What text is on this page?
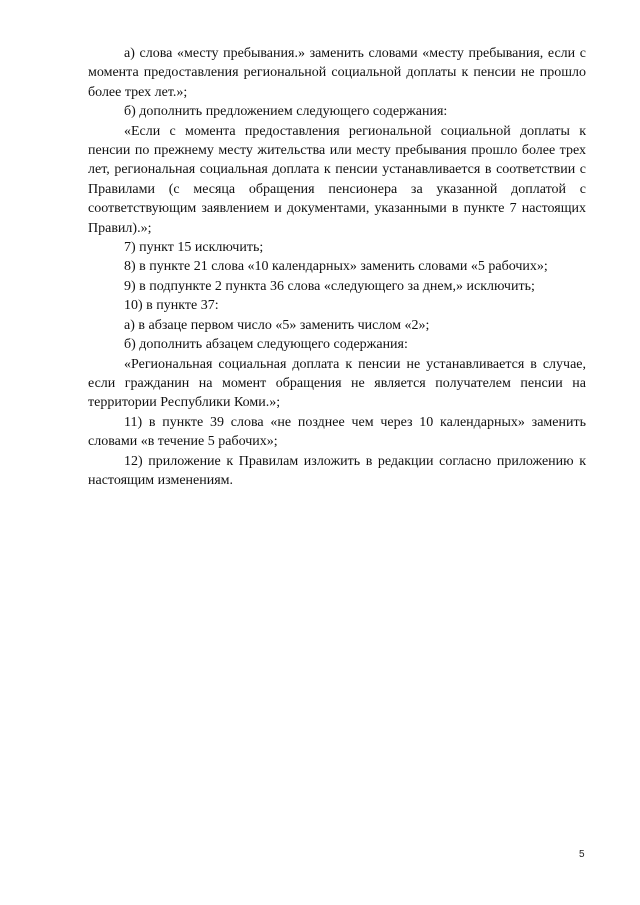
а) слова «месту пребывания.» заменить словами «месту пребывания, если с момента предоставления региональной социальной доплаты к пенсии не прошло более трех лет.»;

б) дополнить предложением следующего содержания:

«Если с момента предоставления региональной социальной доплаты к пенсии по прежнему месту жительства или месту пребывания прошло более трех лет, региональная социальная доплата к пенсии устанавливается в соответствии с Правилами (с месяца обращения пенсионера за указанной доплатой с соответствующим заявлением и документами, указанными в пункте 7 настоящих Правил).»;

7) пункт 15 исключить;

8) в пункте 21 слова «10 календарных» заменить словами «5 рабочих»;

9) в подпункте 2 пункта 36 слова «следующего за днем,» исключить;

10) в пункте 37:

а) в абзаце первом число «5» заменить числом «2»;

б) дополнить абзацем следующего содержания:

«Региональная социальная доплата к пенсии не устанавливается в случае, если гражданин на момент обращения не является получателем пенсии на территории Республики Коми.»;

11) в пункте 39 слова «не позднее чем через 10 календарных» заменить словами «в течение 5 рабочих»;

12) приложение к Правилам изложить в редакции согласно приложению к настоящим изменениям.

5
